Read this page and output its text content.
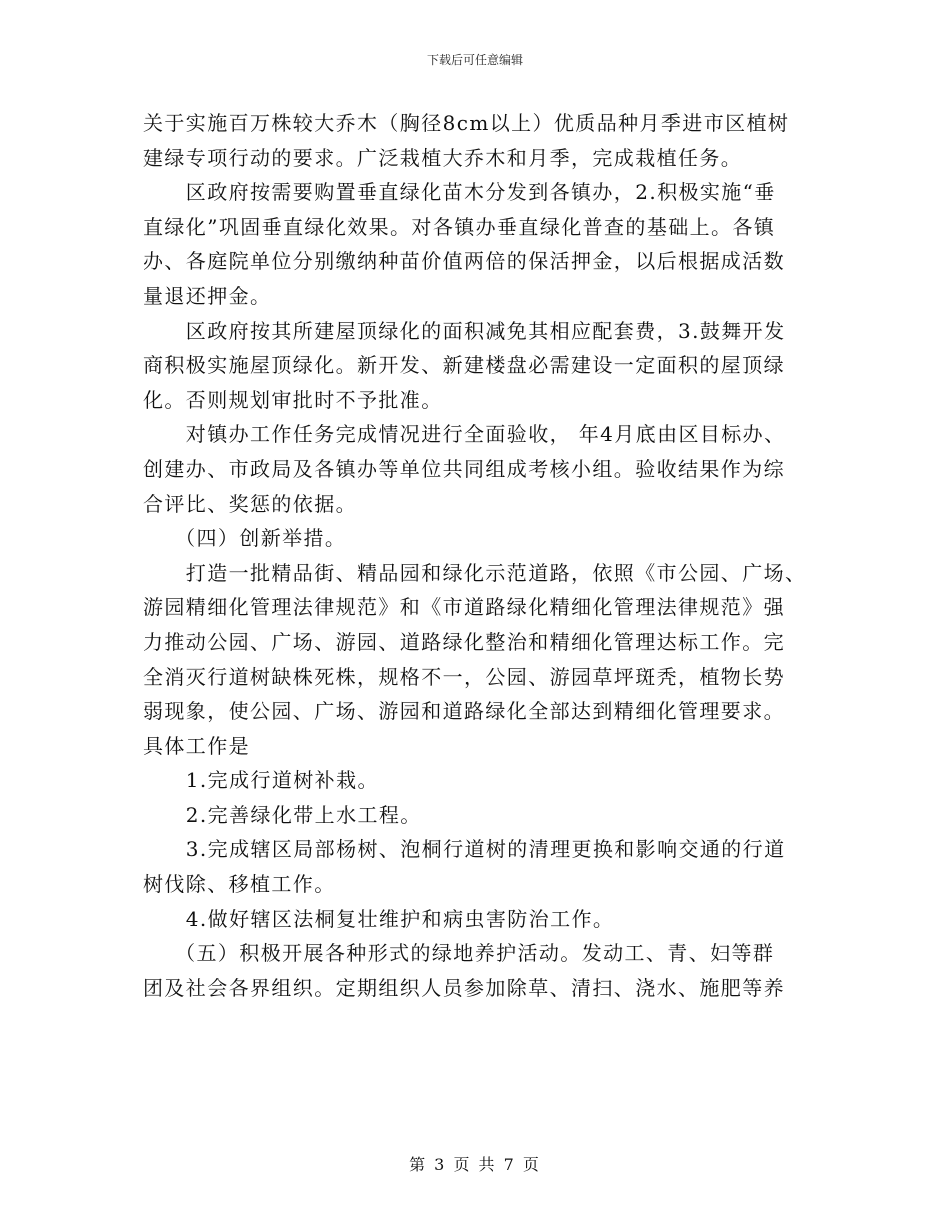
下载后可任意编辑
关于实施百万株较大乔木（胸径8cm以上）优质品种月季进市区植树
建绿专项行动的要求。广泛栽植大乔木和月季，完成栽植任务。
区政府按需要购置垂直绿化苗木分发到各镇办，2.积极实施“垂
直绿化”巩固垂直绿化效果。对各镇办垂直绿化普查的基础上。各镇
办、各庭院单位分别缴纳种苗价值两倍的保活押金，以后根据成活数
量退还押金。
区政府按其所建屋顶绿化的面积减免其相应配套费，3.鼓舞开发
商积极实施屋顶绿化。新开发、新建楼盘必需建设一定面积的屋顶绿
化。否则规划审批时不予批准。
对镇办工作任务完成情况进行全面验收， 年4月底由区目标办、
创建办、市政局及各镇办等单位共同组成考核小组。验收结果作为综
合评比、奖惩的依据。
（四）创新举措。
打造一批精品街、精品园和绿化示范道路，依照《市公园、广场、
游园精细化管理法律规范》和《市道路绿化精细化管理法律规范》强
力推动公园、广场、游园、道路绿化整治和精细化管理达标工作。完
全消灭行道树缺株死株，规格不一，公园、游园草坪斑秃，植物长势
弱现象，使公园、广场、游园和道路绿化全部达到精细化管理要求。
具体工作是
1.完成行道树补栽。
2.完善绿化带上水工程。
3.完成辖区局部杨树、泡桐行道树的清理更换和影响交通的行道
树伐除、移植工作。
4.做好辖区法桐复壮维护和病虫害防治工作。
（五）积极开展各种形式的绿地养护活动。发动工、青、妇等群
团及社会各界组织。定期组织人员参加除草、清扫、浇水、施肥等养
第 3 页 共 7 页
